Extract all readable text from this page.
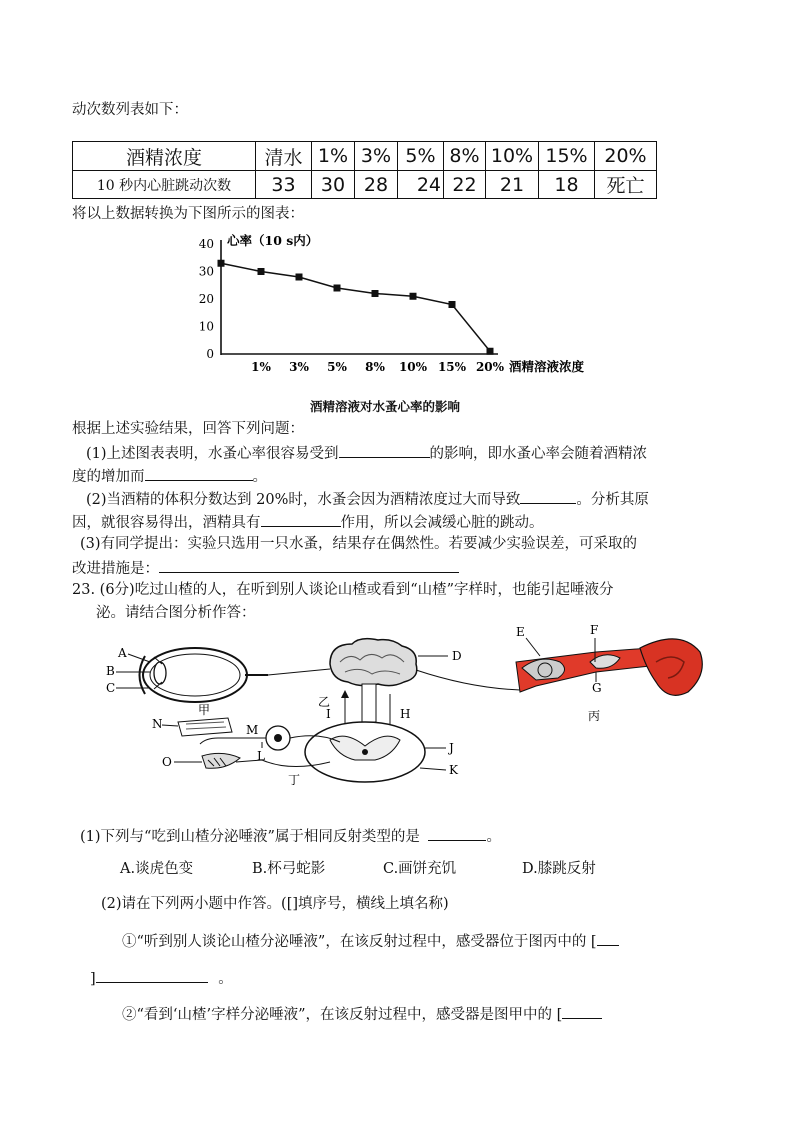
动次数列表如下：
酒精浓度	清水	1%	3%	5%	8%	10%	15%	20%
10 秒内心脏跳动次数	33	30	28	24	22	21	18	死亡
将以上数据转换为下图所示的图表：
0
10
20
30
40
1% 3% 5% 8% 10% 15% 20%
心率（10 s内）
酒精溶液浓度
酒精溶液对水蚤心率的影响
根据上述实验结果，回答下列问题：
(1)上述图表表明，水蚤心率很容易受到	的影响，即水蚤心率会随着酒精浓
度的增加而	。
(2)当酒精的体积分数达到 20%时，水蚤会因为酒精浓度过大而导致	。分析其原
因，就很容易得出，酒精具有	作用，所以会减缓心脏的跳动。
(3)有同学提出：实验只选用一只水蚤，结果存在偶然性。若要减少实验误差，可采取的
改进措施是：
23. (6分)吃过山楂的人，在听到别人谈论山楂或看到“山楂”字样时，也能引起唾液分
泌。请结合图分析作答：
A
B
C
甲
D
乙
I	H
E	F
G
丙
N	M
L
O
J
K
丁
(1)下列与“吃到山楂分泌唾液”属于相同反射类型的是	。
A.谈虎色变	B.杯弓蛇影	C.画饼充饥	D.膝跳反射
(2)请在下列两小题中作答。([]填序号，横线上填名称)
①“听到别人谈论山楂分泌唾液”，在该反射过程中，感受器位于图丙中的 [
]	。
②“看到‘山楂’字样分泌唾液”，在该反射过程中，感受器是图甲中的 [
